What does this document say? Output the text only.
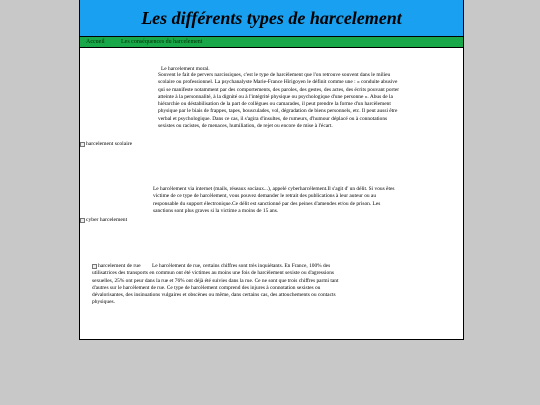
Les différents types de harcelement
Accueil	Les conséquences du harcelement
Le harcelement moral.
Souvent le fait de pervers narcissiques, c'est le type de harcèlement que l'on retrouve souvent dans le milieu scolaire ou professionnel. La psychanalyste Marie-France Hirigoyen le définit comme une : « conduite abusive qui se manifeste notamment par des comportements, des paroles, des gestes, des actes, des écrits pouvant porter atteinte à la personnalité, à la dignité ou à l'intégrité physique ou psychologique d'une personne ». Abus de la hiérarchie ou déstabilisation de la part de collègues ou camarades, il peut prendre la forme d'un harcèlement physique par le biais de frappes, tapes, bousculades, vol, dégradation de biens personnels, etc. Il peut aussi être verbal et psychologique. Dans ce cas, il s'agira d'insultes, de rumeurs, d'humour déplacé ou à connotations sexistes ou racistes, de menaces, humiliation, de rejet ou encore de mise à l'écart.
harcelement scolaire
Le harcèlement via internet (mails, réseaux sociaux...), appelé cyberharcèlement.Il s'agit d' un délit. Si vous êtes victime de ce type de harcèlement, vous pouvez demander le retrait des publications à leur auteur ou au responsable du support électronique.Ce délit est sanctionné par des peines d'amendes et/ou de prison. Les sanctions sont plus graves si la victime a moins de 15 ans.
cyber harcelement
Le harcèlement de rue, certains chiffres sont très inquiétants. En France, 100% des utilisatrices des transports en commun ont été victimes au moins une fois de harcèlement sexiste ou d'agressions sexuelles, 25% ont peur dans la rue et 76% ont déjà été suivies dans la rue. Ce ne sont que trois chiffres parmi tant d'autres sur le harcèlement de rue. Ce type de harcèlement comprend des injures à connotation sexistes ou dévalorisantes, des insinuations vulgaires et obscènes ou même, dans certains cas, des attouchements ou contacts physiques.
harcelement de rue
